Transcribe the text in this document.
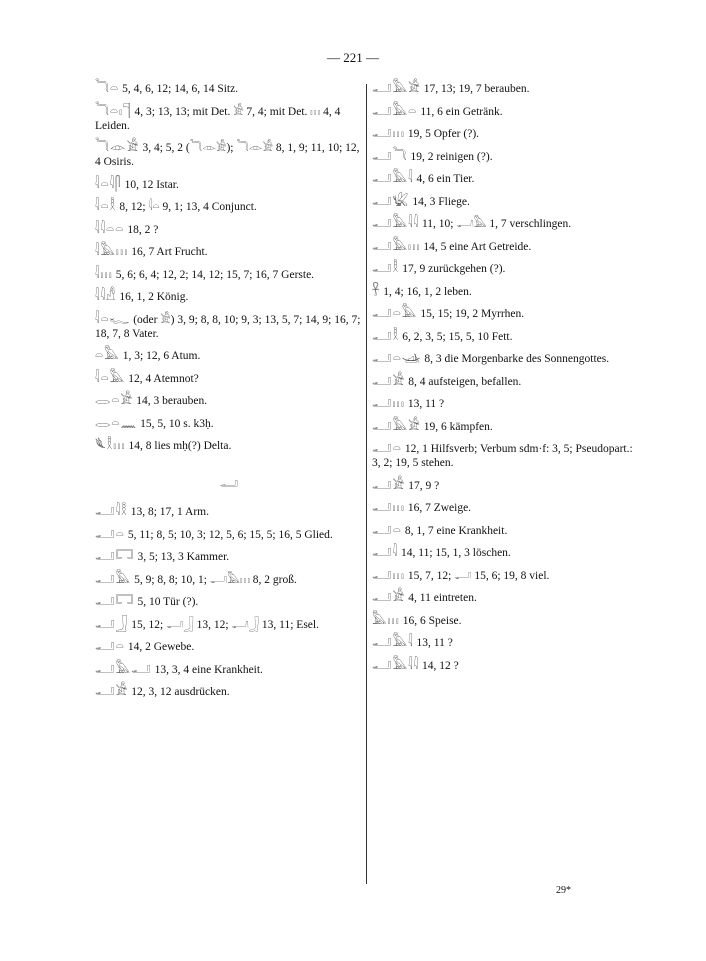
— 221 —
𓆓𓏏 5, 4, 6, 12; 14, 6, 14 Sitz.
𓆓𓏏𓏤𓊹 4, 3; 13, 13; mit Det. 𓀀 7, 4; mit Det. 𓏥 4, 4 Leiden.
𓆓𓁹𓀀 3, 4; 5, 2 (𓆓𓁹𓀀); 𓆓𓁹𓀀 8, 1, 9; 11, 10; 12, 4 Osiris.
𓇋𓏏𓇋𓋴 10, 12 Istar.
𓇋𓏏𓎛 8, 12; 𓇋𓏏 9, 1; 13, 4 Conjunct.
𓇋𓇋𓏏𓏏 18, 2 ?
𓇋𓅓𓏥 16, 7 Art Frucht.
𓇋𓏥 5, 6; 6, 4; 12, 2; 14, 12; 15, 7; 16, 7 Gerste.
𓇋𓇋𓀭 16, 1, 2 König.
𓇋𓏏𓆑 (oder 𓀀) 3, 9; 8, 8, 10; 9, 3; 13, 5, 7; 14, 9; 16, 7; 18, 7, 8 Vater.
𓏏𓅓 1, 3; 12, 6 Atum.
𓇋𓏏𓅓 12, 4 Atemnot?
𓂋𓏏𓀀 14, 3 berauben.
𓂋𓏏𓈖 15, 5, 10 s. k3ḥ.
𓆰𓎛𓏥 14, 8 lies mḥ(?) Delta.
𓂝
𓂝𓇋𓎛 13, 8; 17, 1 Arm.
𓂝𓏏 5, 11; 8, 5; 10, 3; 12, 5, 6; 15, 5; 16, 5 Glied.
𓂝𓉐 3, 5; 13, 3 Kammer.
𓂝𓅓 5, 9; 8, 8; 10, 1; 𓂝𓅓𓏥 8, 2 groß.
𓂝𓉐 5, 10 Tür (?).
𓂝𓃀 15, 12; 𓂝𓃀 13, 12; 𓂝𓃀 13, 11; Esel.
𓂝𓏏 14, 2 Gewebe.
𓂝𓅓𓂝 13, 3, 4 eine Krankheit.
𓂝𓀀 12, 3, 12 ausdrücken.
𓂝𓅓𓀀 17, 13; 19, 7 berauben.
𓂝𓅓𓏏 11, 6 ein Getränk.
𓂝𓏥 19, 5 Opfer (?).
𓂝𓆓 19, 2 reinigen (?).
𓂝𓅓𓇋 4, 6 ein Tier.
𓂝𓆤 14, 3 Fliege.
𓂝𓅓𓇋𓇋 11, 10; 𓂝𓅓 1, 7 verschlingen.
𓂝𓅓𓏥 14, 5 eine Art Getreide.
𓂝𓎛 17, 9 zurückgehen (?).
𓋹 1, 4; 16, 1, 2 leben.
𓂝𓏏𓅓 15, 15; 19, 2 Myrrhen.
𓂝𓎛 6, 2, 3, 5; 15, 5, 10 Fett.
𓂝𓏏𓊛 8, 3 die Morgenbarke des Sonnengottes.
𓂝𓀀 8, 4 aufsteigen, befallen.
𓂝𓏥 13, 11 ?
𓂝𓅓𓀀 19, 6 kämpfen.
𓂝𓏏 12, 1 Hilfsverb; Verbum sdm·f: 3, 5; Pseudopart.: 3, 2; 19, 5 stehen.
𓂝𓀀 17, 9 ?
𓂝𓏥 16, 7 Zweige.
𓂝𓏏 8, 1, 7 eine Krankheit.
𓂝𓇋 14, 11; 15, 1, 3 löschen.
𓂝𓏥 15, 7, 12; 𓂝 15, 6; 19, 8 viel.
𓂝𓀀 4, 11 eintreten.
𓅓𓏥 16, 6 Speise.
𓂝𓅓𓇋 13, 11 ?
𓂝𓅓𓇋𓇋 14, 12 ?
29*
